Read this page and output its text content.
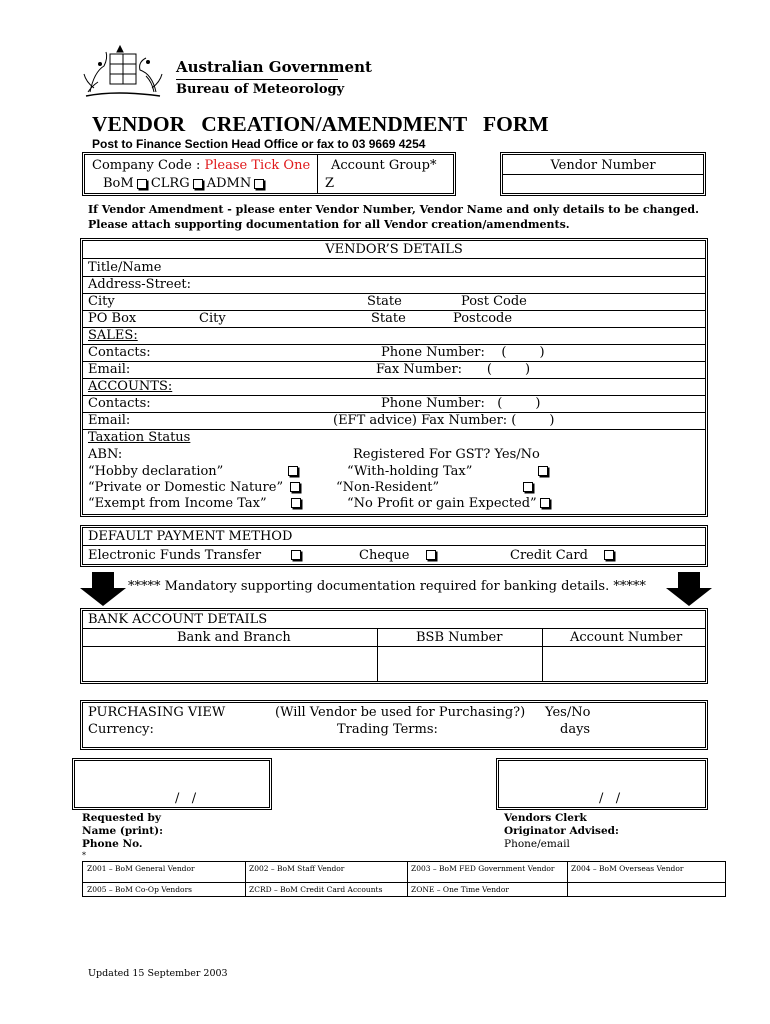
Australian Government
Bureau of Meteorology
VENDOR   CREATION/AMENDMENT   FORM
Post to Finance Section Head Office or fax to 03 9669 4254
Company Code : Please Tick One
BoM CLRG ADMN
Account Group*
Z
Vendor Number
If Vendor Amendment - please enter Vendor Number, Vendor Name and only details to be changed.
Please attach supporting documentation for all Vendor creation/amendments.
VENDOR’S DETAILS
Title/Name
Address-Street:
City	State	Post Code
PO Box	City	State	Postcode
SALES:
Contacts:	Phone Number:    (        )
Email:	Fax Number:      (        )
ACCOUNTS:
Contacts:	Phone Number:   (        )
Email:	(EFT advice) Fax Number: (        )
Taxation Status
ABN:	Registered For GST? Yes/No
“Hobby declaration”	“With-holding Tax”
“Private or Domestic Nature”	“Non-Resident”
“Exempt from Income Tax”	“No Profit or gain Expected”
DEFAULT PAYMENT METHOD
Electronic Funds Transfer	Cheque	Credit Card
***** Mandatory supporting documentation required for banking details. *****
BANK ACCOUNT DETAILS
Bank and Branch	BSB Number	Account Number
PURCHASING VIEW	(Will Vendor be used for Purchasing?) Yes/No
Currency:	Trading Terms:	days
/   /	/   /
Requested by
Name (print):
Phone No.
*
Vendors Clerk
Originator Advised:
Phone/email
Z001 – BoM General Vendor	Z002 – BoM Staff Vendor	Z003 – BoM FED Government Vendor	Z004 – BoM Overseas Vendor
Z005 – BoM Co-Op Vendors	ZCRD – BoM Credit Card Accounts	ZONE – One Time Vendor
Updated 15 September 2003
